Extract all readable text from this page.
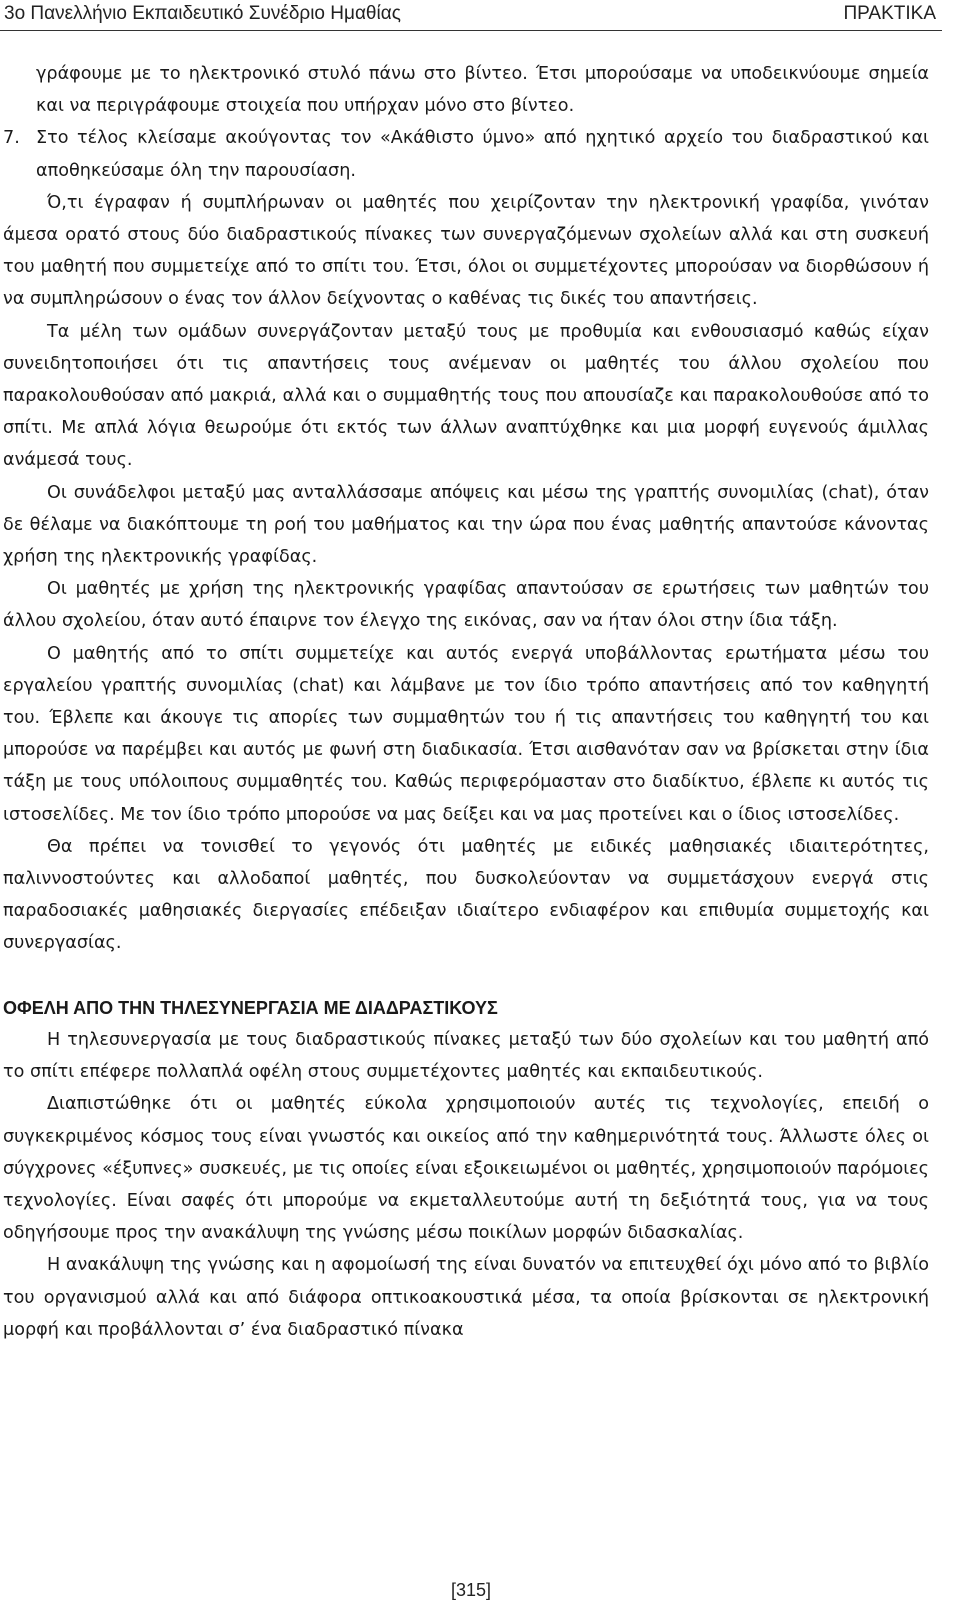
3ο Πανελλήνιο Εκπαιδευτικό Συνέδριο Ημαθίας	ΠΡΑΚΤΙΚΑ

γράφουμε με το ηλεκτρονικό στυλό πάνω στο βίντεο. Έτσι μπορούσαμε να υποδεικνύουμε σημεία και να περιγράφουμε στοιχεία που υπήρχαν μόνο στο βίντεο.

7. Στο τέλος κλείσαμε ακούγοντας τον «Ακάθιστο ύμνο» από ηχητικό αρχείο του διαδραστικού και αποθηκεύσαμε όλη την παρουσίαση.

Ό,τι έγραφαν ή συμπλήρωναν οι μαθητές που χειρίζονταν την ηλεκτρονική γραφίδα, γινόταν άμεσα ορατό στους δύο διαδραστικούς πίνακες των συνεργαζόμενων σχολείων αλλά και στη συσκευή του μαθητή που συμμετείχε από το σπίτι του. Έτσι, όλοι οι συμμετέχοντες μπορούσαν να διορθώσουν ή να συμπληρώσουν ο ένας τον άλλον δείχνοντας ο καθένας τις δικές του απαντήσεις.

Τα μέλη των ομάδων συνεργάζονταν μεταξύ τους με προθυμία και ενθουσιασμό καθώς είχαν συνειδητοποιήσει ότι τις απαντήσεις τους ανέμεναν οι μαθητές του άλλου σχολείου που παρακολουθούσαν από μακριά, αλλά και ο συμμαθητής τους που απουσίαζε και παρακολουθούσε από το σπίτι. Με απλά λόγια θεωρούμε ότι εκτός των άλλων αναπτύχθηκε και μια μορφή ευγενούς άμιλλας ανάμεσά τους.

Οι συνάδελφοι μεταξύ μας ανταλλάσσαμε απόψεις και μέσω της γραπτής συνομιλίας (chat), όταν δε θέλαμε να διακόπτουμε τη ροή του μαθήματος και την ώρα που ένας μαθητής απαντούσε κάνοντας χρήση της ηλεκτρονικής γραφίδας.

Οι μαθητές με χρήση της ηλεκτρονικής γραφίδας απαντούσαν σε ερωτήσεις των μαθητών του άλλου σχολείου, όταν αυτό έπαιρνε τον έλεγχο της εικόνας, σαν να ήταν όλοι στην ίδια τάξη.

Ο μαθητής από το σπίτι συμμετείχε και αυτός ενεργά υποβάλλοντας ερωτήματα μέσω του εργαλείου γραπτής συνομιλίας (chat) και λάμβανε με τον ίδιο τρόπο απαντήσεις από τον καθηγητή του. Έβλεπε και άκουγε τις απορίες των συμμαθητών του ή τις απαντήσεις του καθηγητή του και μπορούσε να παρέμβει και αυτός με φωνή στη διαδικασία. Έτσι αισθανόταν σαν να βρίσκεται στην ίδια τάξη με τους υπόλοιπους συμμαθητές του. Καθώς περιφερόμασταν στο διαδίκτυο, έβλεπε κι αυτός τις ιστοσελίδες. Με τον ίδιο τρόπο μπορούσε να μας δείξει και να μας προτείνει και ο ίδιος ιστοσελίδες.

Θα πρέπει να τονισθεί το γεγονός ότι μαθητές με ειδικές μαθησιακές ιδιαιτερότητες, παλιννοστούντες και αλλοδαποί μαθητές, που δυσκολεύονταν να συμμετάσχουν ενεργά στις παραδοσιακές μαθησιακές διεργασίες επέδειξαν ιδιαίτερο ενδιαφέρον και επιθυμία συμμετοχής και συνεργασίας.

ΟΦΕΛΗ ΑΠΟ ΤΗΝ ΤΗΛΕΣΥΝΕΡΓΑΣΙΑ ΜΕ ΔΙΑΔΡΑΣΤΙΚΟΥΣ

Η τηλεσυνεργασία με τους διαδραστικούς πίνακες μεταξύ των δύο σχολείων και του μαθητή από το σπίτι επέφερε πολλαπλά οφέλη στους συμμετέχοντες μαθητές και εκπαιδευτικούς.

Διαπιστώθηκε ότι οι μαθητές εύκολα χρησιμοποιούν αυτές τις τεχνολογίες, επειδή ο συγκεκριμένος κόσμος τους είναι γνωστός και οικείος από την καθημερινότητά τους. Άλλωστε όλες οι σύγχρονες «έξυπνες» συσκευές, με τις οποίες είναι εξοικειωμένοι οι μαθητές, χρησιμοποιούν παρόμοιες τεχνολογίες. Είναι σαφές ότι μπορούμε να εκμεταλλευτούμε αυτή τη δεξιότητά τους, για να τους οδηγήσουμε προς την ανακάλυψη της γνώσης μέσω ποικίλων μορφών διδασκαλίας.

Η ανακάλυψη της γνώσης και η αφομοίωσή της είναι δυνατόν να επιτευχθεί όχι μόνο από το βιβλίο του οργανισμού αλλά και από διάφορα οπτικοακουστικά μέσα, τα οποία βρίσκονται σε ηλεκτρονική μορφή και προβάλλονται σ’ ένα διαδραστικό πίνακα

[315]
